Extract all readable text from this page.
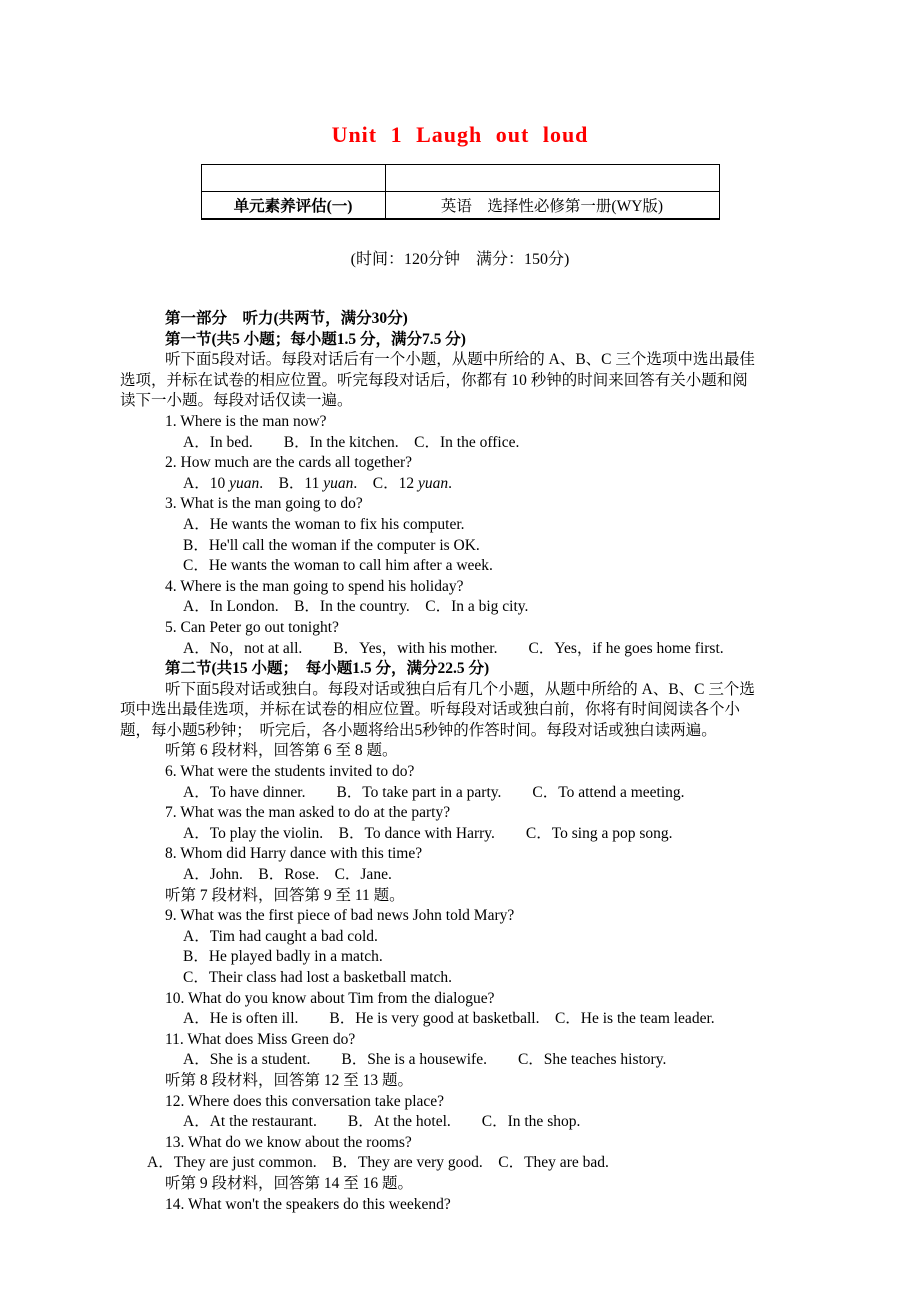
Unit 1 Laugh out loud

单元素养评估(一)	英语　选择性必修第一册(WY版)
(时间：120分钟　满分：150分)
第一部分　听力(共两节，满分30分)
第一节(共5 小题；每小题1.5 分，满分7.5 分)
听下面5段对话。每段对话后有一个小题，从题中所给的 A、B、C 三个选项中选出最佳
选项，并标在试卷的相应位置。听完每段对话后，你都有 10 秒钟的时间来回答有关小题和阅
读下一小题。每段对话仅读一遍。
1. Where is the man now?
A．In bed.　　B．In the kitchen.　C．In the office.
2. How much are the cards all together?
A．10 yuan.　B．11 yuan.　C．12 yuan.
3. What is the man going to do?
A．He wants the woman to fix his computer.
B．He'll call the woman if the computer is OK.
C．He wants the woman to call him after a week.
4. Where is the man going to spend his holiday?
A．In London.　B．In the country.　C．In a big city.
5. Can Peter go out tonight?
A．No，not at all.　　B．Yes，with his mother.　　C．Yes，if he goes home first.
第二节(共15 小题；　每小题1.5 分，满分22.5 分)
听下面5段对话或独白。每段对话或独白后有几个小题，从题中所给的 A、B、C 三个选
项中选出最佳选项，并标在试卷的相应位置。听每段对话或独白前，你将有时间阅读各个小
题，每小题5秒钟；　听完后，各小题将给出5秒钟的作答时间。每段对话或独白读两遍。
听第 6 段材料，回答第 6 至 8 题。
6. What were the students invited to do?
A．To have dinner.　　B．To take part in a party.　　C．To attend a meeting.
7. What was the man asked to do at the party?
A．To play the violin.　B．To dance with Harry.　　C．To sing a pop song.
8. Whom did Harry dance with this time?
A．John.　B．Rose.　C．Jane.
听第 7 段材料，回答第 9 至 11 题。
9. What was the first piece of bad news John told Mary?
A．Tim had caught a bad cold.
B．He played badly in a match.
C．Their class had lost a basketball match.
10. What do you know about Tim from the dialogue?
A．He is often ill.　　B．He is very good at basketball.　C．He is the team leader.
11. What does Miss Green do?
A．She is a student.　　B．She is a housewife.　　C．She teaches history.
听第 8 段材料，回答第 12 至 13 题。
12. Where does this conversation take place?
A．At the restaurant.　　B．At the hotel.　　C．In the shop.
13. What do we know about the rooms?
A．They are just common.　B．They are very good.　C．They are bad.
听第 9 段材料，回答第 14 至 16 题。
14. What won't the speakers do this weekend?
